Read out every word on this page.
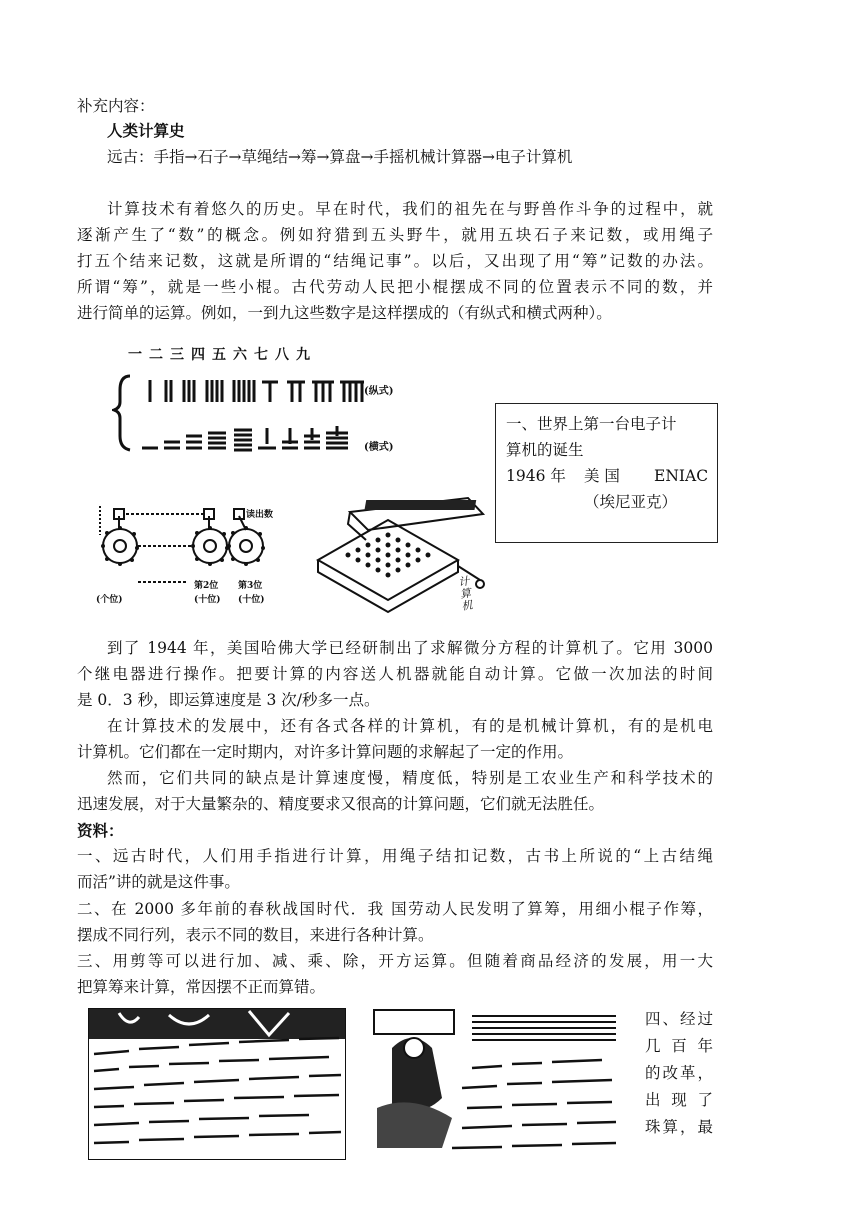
补充内容：
人类计算史
远古：手指→石子→草绳结→筹→算盘→手摇机械计算器→电子计算机
计算技术有着悠久的历史。早在时代，我们的祖先在与野兽作斗争的过程中，就
逐渐产生了“数”的概念。例如狩猎到五头野牛，就用五块石子来记数，或用绳子
打五个结来记数，这就是所谓的“结绳记事”。以后，又出现了用“筹”记数的办法。
所谓“筹”，就是一些小棍。古代劳动人民把小棍摆成不同的位置表示不同的数，并
进行简单的运算。例如，一到九这些数字是这样摆成的（有纵式和横式两种）。
一二三四五六七八九
(纵式)
(横式)
一、世界上第一台电子计
算机的诞生
1946 年 美 国 ENIAC
（埃尼亚克）
读出数
(个位)
第2位
(十位)
第3位
(十位)
计算机
到了 1944 年，美国哈佛大学已经研制出了求解微分方程的计算机了。它用 3000
个继电器进行操作。把要计算的内容送人机器就能自动计算。它做一次加法的时间
是 0．3 秒，即运算速度是 3 次/秒多一点。
在计算技术的发展中，还有各式各样的计算机，有的是机械计算机，有的是机电
计算机。它们都在一定时期内，对许多计算问题的求解起了一定的作用。
然而，它们共同的缺点是计算速度慢，精度低，特别是工农业生产和科学技术的
迅速发展，对于大量繁杂的、精度要求又很高的计算问题，它们就无法胜任。
资料：
一、远古时代，人们用手指进行计算，用绳子结扣记数，古书上所说的“上古结绳
而活”讲的就是这件事。
二、在 2000 多年前的春秋战国时代．我 国劳动人民发明了算筹，用细小棍子作筹，
摆成不同行列，表示不同的数目，来进行各种计算。
三、用剪等可以进行加、减、乘、除，开方运算。但随着商品经济的发展，用一大
把算筹来计算，常因摆不正而算错。
四、经过
几 百 年
的改革，
出 现 了
珠算，最
